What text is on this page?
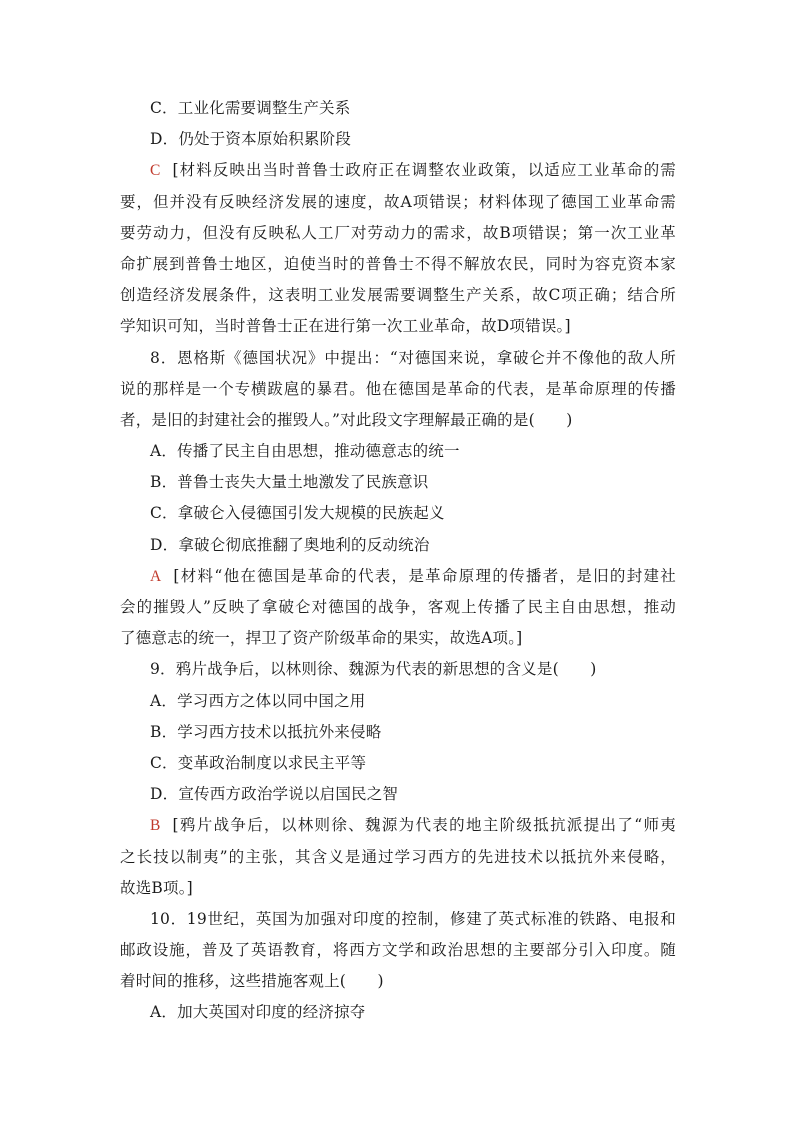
C．工业化需要调整生产关系
D．仍处于资本原始积累阶段
C [材料反映出当时普鲁士政府正在调整农业政策，以适应工业革命的需
要，但并没有反映经济发展的速度，故A项错误；材料体现了德国工业革命需
要劳动力，但没有反映私人工厂对劳动力的需求，故B项错误；第一次工业革
命扩展到普鲁士地区，迫使当时的普鲁士不得不解放农民，同时为容克资本家
创造经济发展条件，这表明工业发展需要调整生产关系，故C项正确；结合所
学知识可知，当时普鲁士正在进行第一次工业革命，故D项错误。]
8．恩格斯《德国状况》中提出：“对德国来说，拿破仑并不像他的敌人所
说的那样是一个专横跋扈的暴君。他在德国是革命的代表，是革命原理的传播
者，是旧的封建社会的摧毁人。”对此段文字理解最正确的是(　　)
A．传播了民主自由思想，推动德意志的统一
B．普鲁士丧失大量土地激发了民族意识
C．拿破仑入侵德国引发大规模的民族起义
D．拿破仑彻底推翻了奥地利的反动统治
A [材料“他在德国是革命的代表，是革命原理的传播者，是旧的封建社
会的摧毁人”反映了拿破仑对德国的战争，客观上传播了民主自由思想，推动
了德意志的统一，捍卫了资产阶级革命的果实，故选A项。]
9．鸦片战争后，以林则徐、魏源为代表的新思想的含义是(　　)
A．学习西方之体以同中国之用
B．学习西方技术以抵抗外来侵略
C．变革政治制度以求民主平等
D．宣传西方政治学说以启国民之智
B [鸦片战争后，以林则徐、魏源为代表的地主阶级抵抗派提出了“师夷
之长技以制夷”的主张，其含义是通过学习西方的先进技术以抵抗外来侵略，
故选B项。]
10．19世纪，英国为加强对印度的控制，修建了英式标准的铁路、电报和
邮政设施，普及了英语教育，将西方文学和政治思想的主要部分引入印度。随
着时间的推移，这些措施客观上(　　)
A．加大英国对印度的经济掠夺
